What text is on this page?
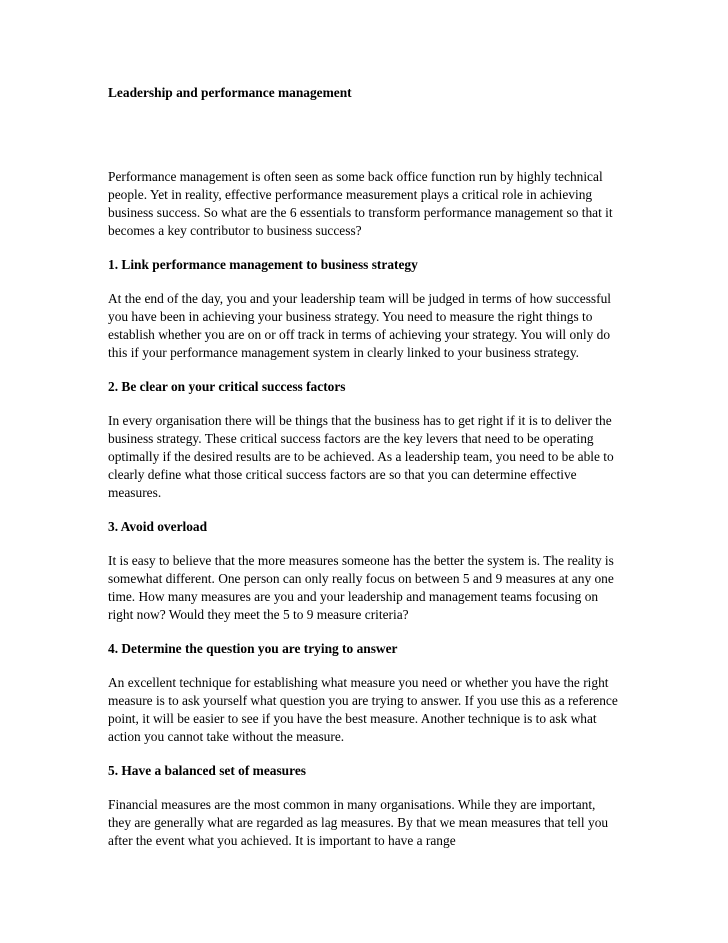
Leadership and performance management

Performance management is often seen as some back office function run by highly technical people. Yet in reality, effective performance measurement plays a critical role in achieving business success. So what are the 6 essentials to transform performance management so that it becomes a key contributor to business success?

1. Link performance management to business strategy

At the end of the day, you and your leadership team will be judged in terms of how successful you have been in achieving your business strategy. You need to measure the right things to establish whether you are on or off track in terms of achieving your strategy. You will only do this if your performance management system in clearly linked to your business strategy.

2. Be clear on your critical success factors

In every organisation there will be things that the business has to get right if it is to deliver the business strategy. These critical success factors are the key levers that need to be operating optimally if the desired results are to be achieved. As a leadership team, you need to be able to clearly define what those critical success factors are so that you can determine effective measures.

3. Avoid overload

It is easy to believe that the more measures someone has the better the system is. The reality is somewhat different. One person can only really focus on between 5 and 9 measures at any one time. How many measures are you and your leadership and management teams focusing on right now? Would they meet the 5 to 9 measure criteria?

4. Determine the question you are trying to answer

An excellent technique for establishing what measure you need or whether you have the right measure is to ask yourself what question you are trying to answer. If you use this as a reference point, it will be easier to see if you have the best measure. Another technique is to ask what action you cannot take without the measure.

5. Have a balanced set of measures

Financial measures are the most common in many organisations. While they are important, they are generally what are regarded as lag measures. By that we mean measures that tell you after the event what you achieved. It is important to have a range
